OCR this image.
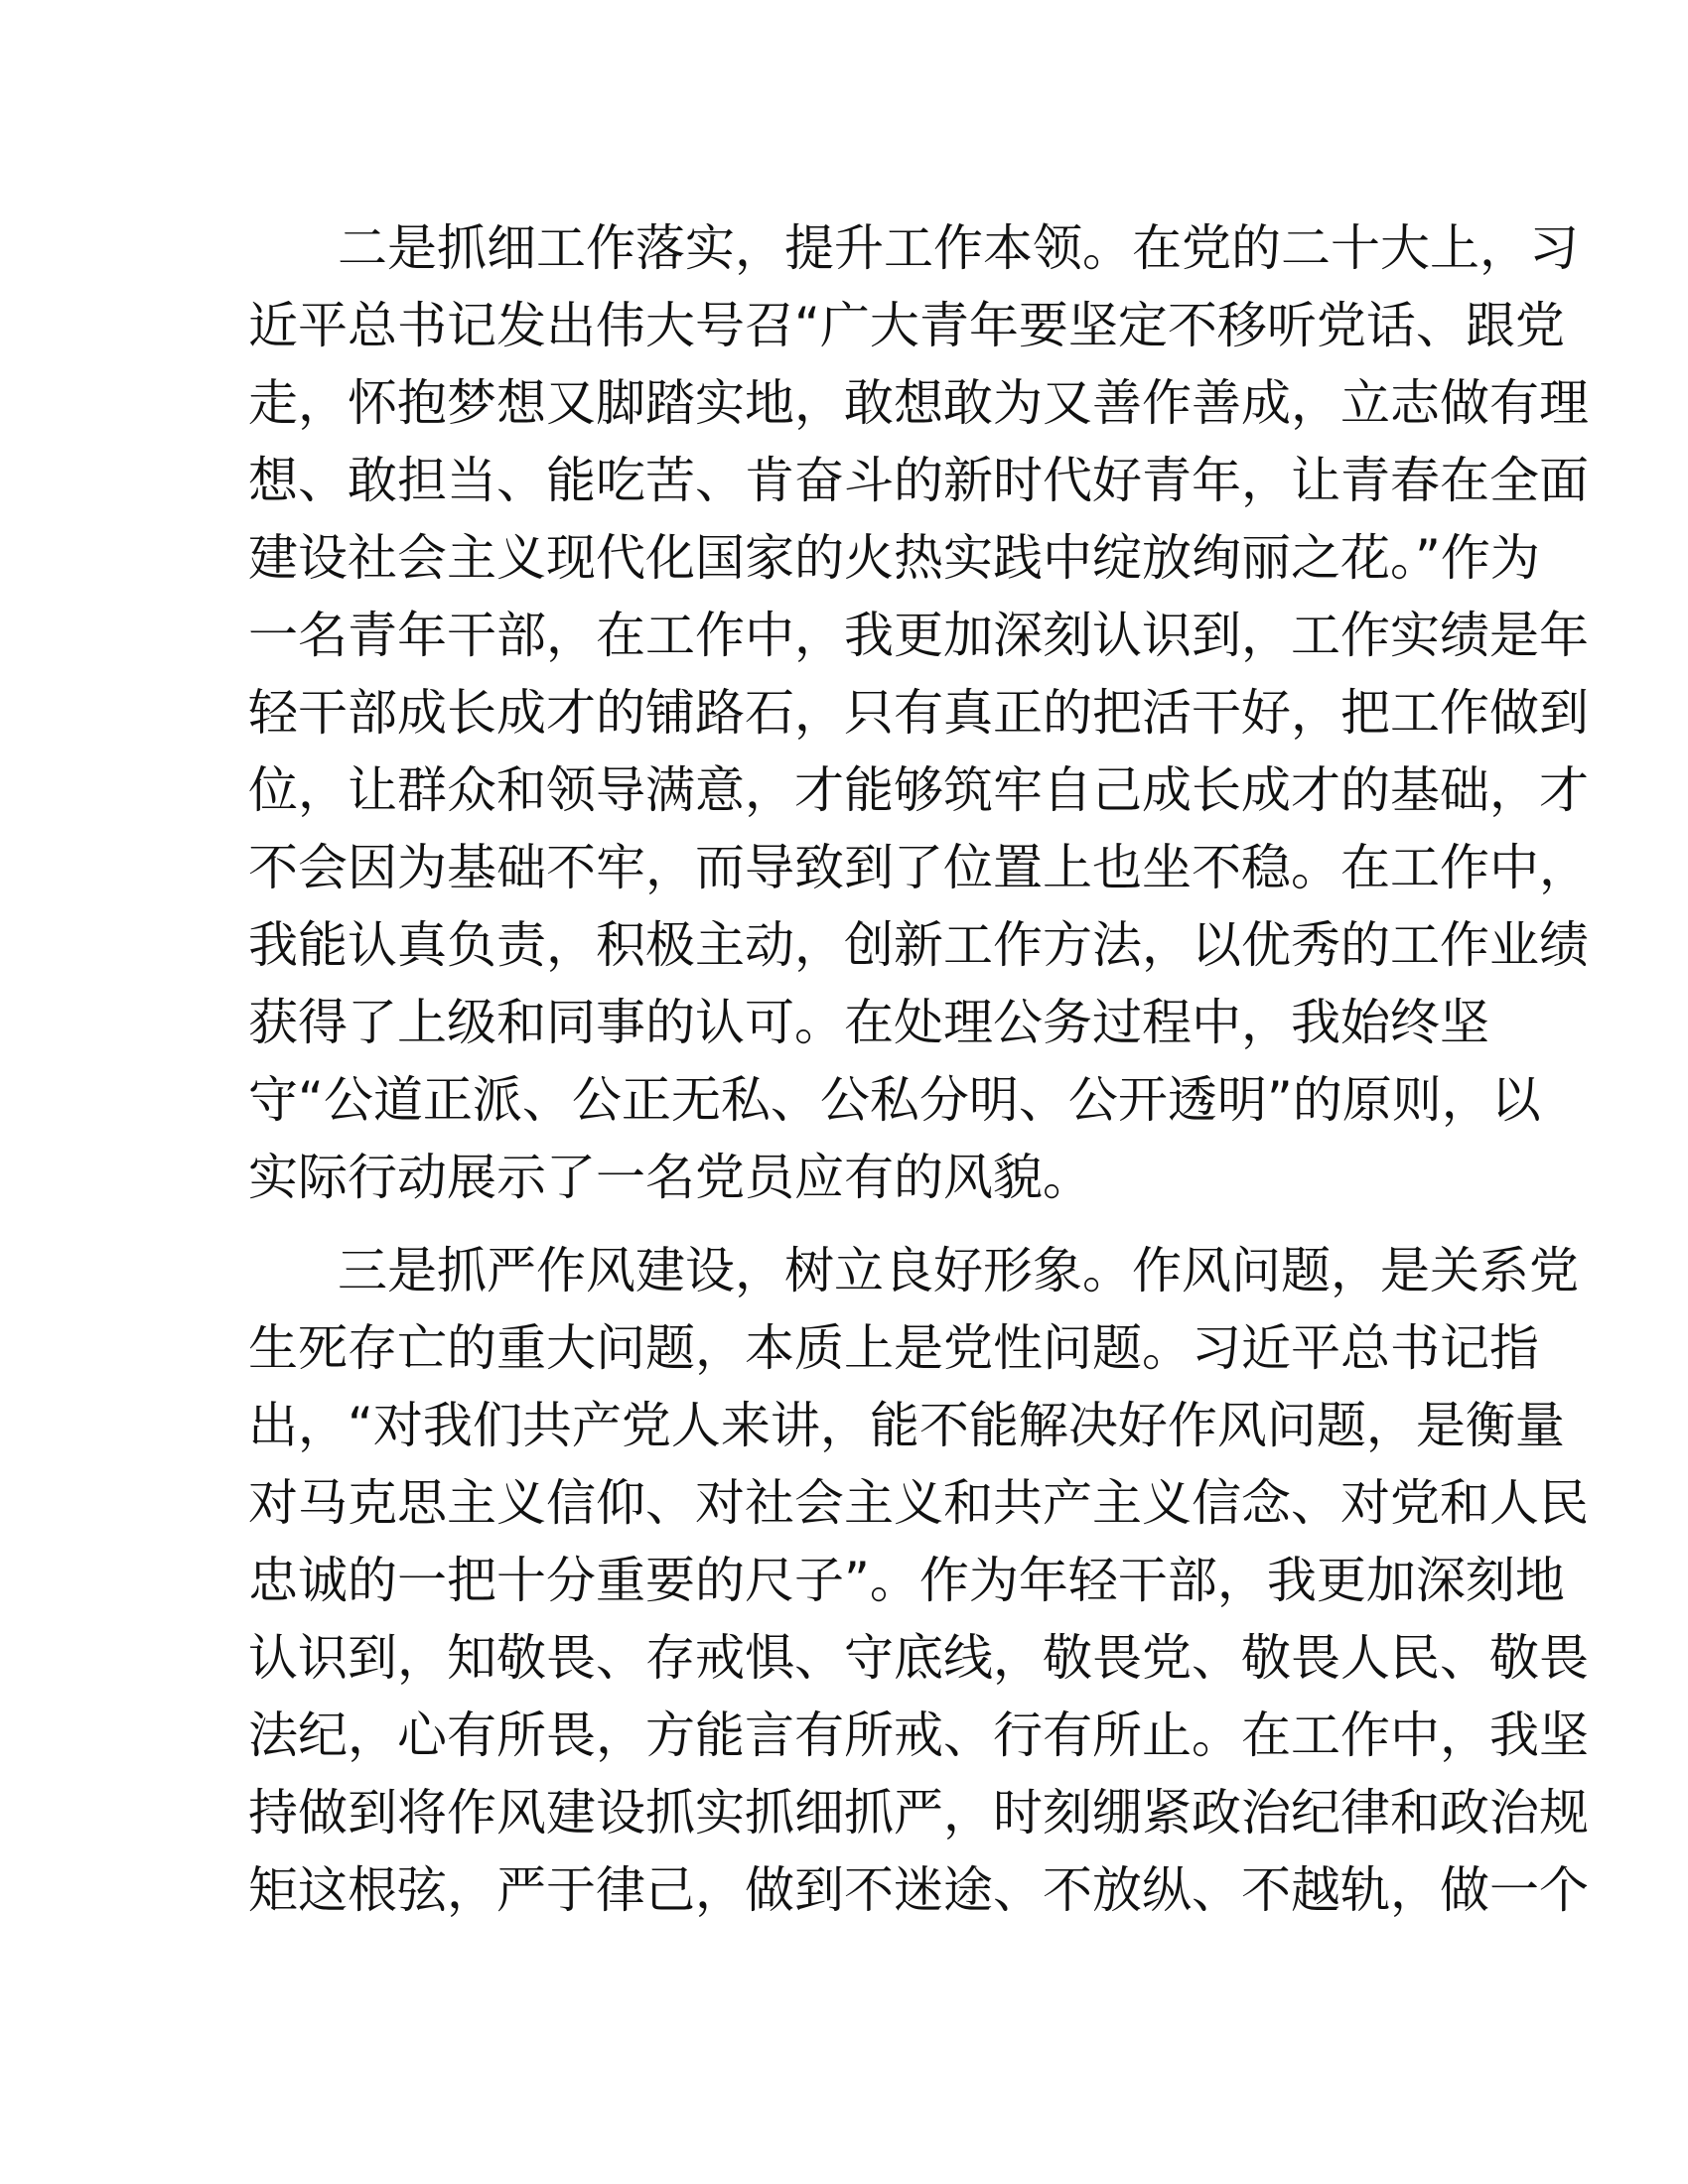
二是抓细工作落实，提升工作本领。在党的二十大上，习
近平总书记发出伟大号召“广大青年要坚定不移听党话、跟党
走，怀抱梦想又脚踏实地，敢想敢为又善作善成，立志做有理
想、敢担当、能吃苦、肯奋斗的新时代好青年，让青春在全面
建设社会主义现代化国家的火热实践中绽放绚丽之花。”作为
一名青年干部，在工作中，我更加深刻认识到，工作实绩是年
轻干部成长成才的铺路石，只有真正的把活干好，把工作做到
位，让群众和领导满意，才能够筑牢自己成长成才的基础，才
不会因为基础不牢，而导致到了位置上也坐不稳。在工作中，
我能认真负责，积极主动，创新工作方法，以优秀的工作业绩
获得了上级和同事的认可。在处理公务过程中，我始终坚
守“公道正派、公正无私、公私分明、公开透明”的原则，以
实际行动展示了一名党员应有的风貌。
三是抓严作风建设，树立良好形象。作风问题，是关系党
生死存亡的重大问题，本质上是党性问题。习近平总书记指
出，“对我们共产党人来讲，能不能解决好作风问题，是衡量
对马克思主义信仰、对社会主义和共产主义信念、对党和人民
忠诚的一把十分重要的尺子”。作为年轻干部，我更加深刻地
认识到，知敬畏、存戒惧、守底线，敬畏党、敬畏人民、敬畏
法纪，心有所畏，方能言有所戒、行有所止。在工作中，我坚
持做到将作风建设抓实抓细抓严，时刻绷紧政治纪律和政治规
矩这根弦，严于律己，做到不迷途、不放纵、不越轨，做一个
